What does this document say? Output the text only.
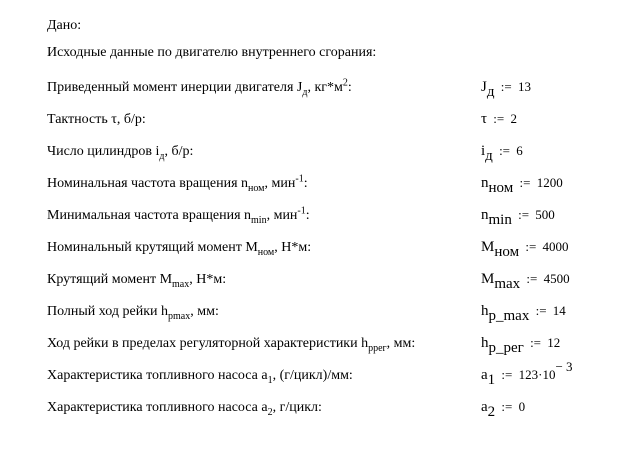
Дано:
Исходные данные по двигателю внутреннего сгорания:
Приведенный момент инерции двигателя $J_д$, $кг*м^2$:	Jд := 13
Тактность τ, б/р:	τ := 2
Число цилиндров $i_д$, б/р:	iд := 6
Номинальная частота вращения $n_{ном}$, мин$^{-1}$:	nном := 1200
Минимальная частота вращения $n_{min}$, мин$^{-1}$:	nmin := 500
Номинальный крутящий момент $M_{ном}$, Н*м:	Mном := 4000
Крутящий момент $M_{max}$, Н*м:	Mmax := 4500
Полный ход рейки $h_{pmax}$, мм:	hp_max := 14
Ход рейки в пределах регуляторной характеристики $h_{pрег}$, мм:	hp_рег := 12
Характеристика топливного насоса $a_1$, (г/цикл)/мм:	a1 := $123\cdot 10^{- 3}$
Характеристика топливного насоса $a_2$, г/цикл:	a2 := 0
